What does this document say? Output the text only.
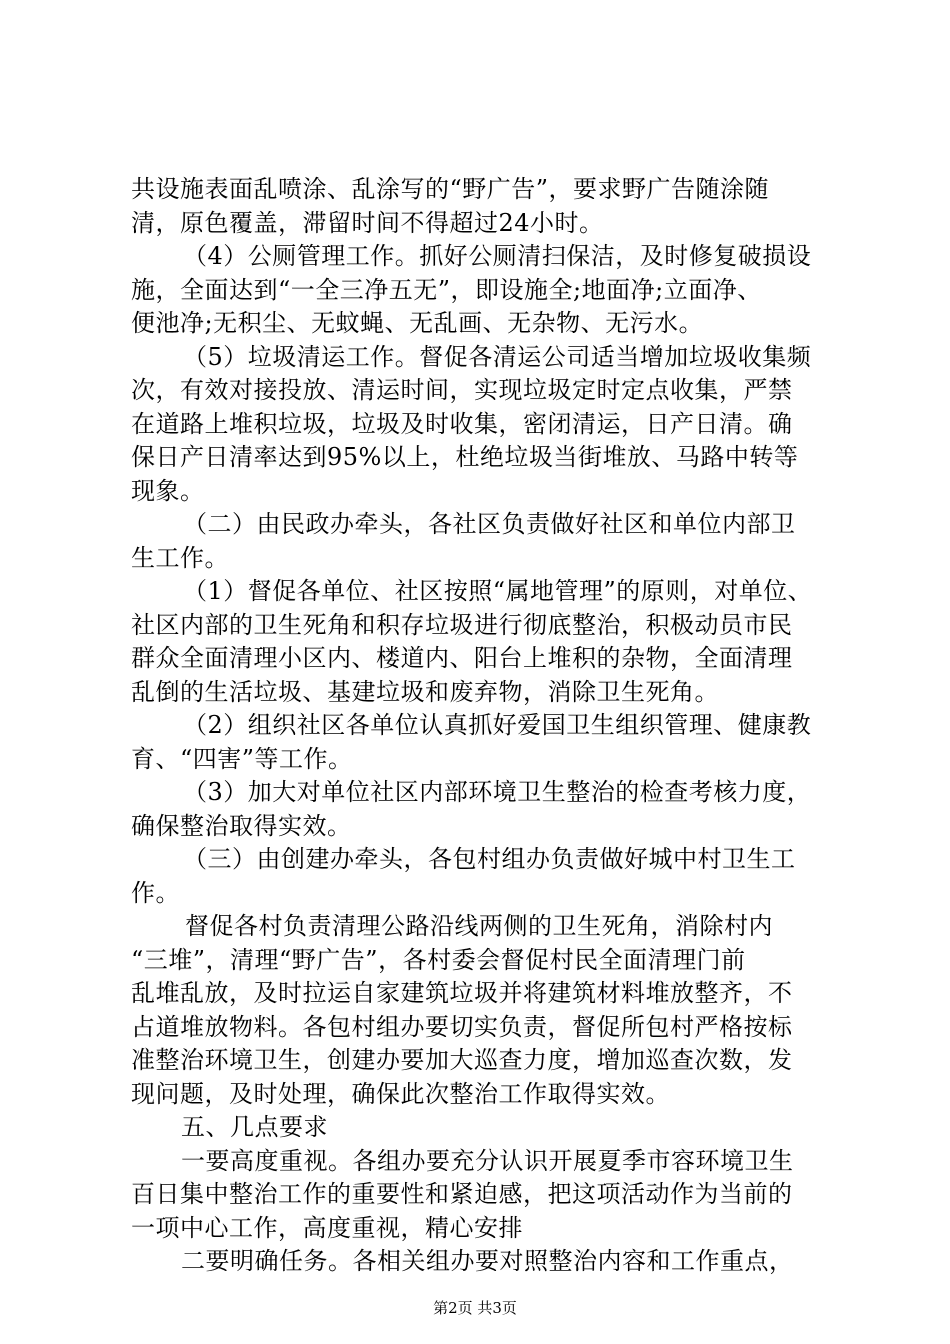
共设施表面乱喷涂、乱涂写的“野广告”，要求野广告随涂随
清，原色覆盖，滞留时间不得超过24小时。
（4）公厕管理工作。抓好公厕清扫保洁，及时修复破损设
施，全面达到“一全三净五无”，即设施全;地面净;立面净、
便池净;无积尘、无蚊蝇、无乱画、无杂物、无污水。
（5）垃圾清运工作。督促各清运公司适当增加垃圾收集频
次，有效对接投放、清运时间，实现垃圾定时定点收集，严禁
在道路上堆积垃圾，垃圾及时收集，密闭清运，日产日清。确
保日产日清率达到95%以上，杜绝垃圾当街堆放、马路中转等
现象。
（二）由民政办牵头，各社区负责做好社区和单位内部卫
生工作。
（1）督促各单位、社区按照“属地管理”的原则，对单位、
社区内部的卫生死角和积存垃圾进行彻底整治，积极动员市民
群众全面清理小区内、楼道内、阳台上堆积的杂物，全面清理
乱倒的生活垃圾、基建垃圾和废弃物，消除卫生死角。
（2）组织社区各单位认真抓好爱国卫生组织管理、健康教
育、“四害”等工作。
（3）加大对单位社区内部环境卫生整治的检查考核力度，
确保整治取得实效。
（三）由创建办牵头，各包村组办负责做好城中村卫生工
作。
督促各村负责清理公路沿线两侧的卫生死角，消除村内
“三堆”，清理“野广告”，各村委会督促村民全面清理门前
乱堆乱放，及时拉运自家建筑垃圾并将建筑材料堆放整齐，不
占道堆放物料。各包村组办要切实负责，督促所包村严格按标
准整治环境卫生，创建办要加大巡查力度，增加巡查次数，发
现问题，及时处理，确保此次整治工作取得实效。
五、几点要求
一要高度重视。各组办要充分认识开展夏季市容环境卫生
百日集中整治工作的重要性和紧迫感，把这项活动作为当前的
一项中心工作，高度重视，精心安排
二要明确任务。各相关组办要对照整治内容和工作重点，
第2页 共3页
